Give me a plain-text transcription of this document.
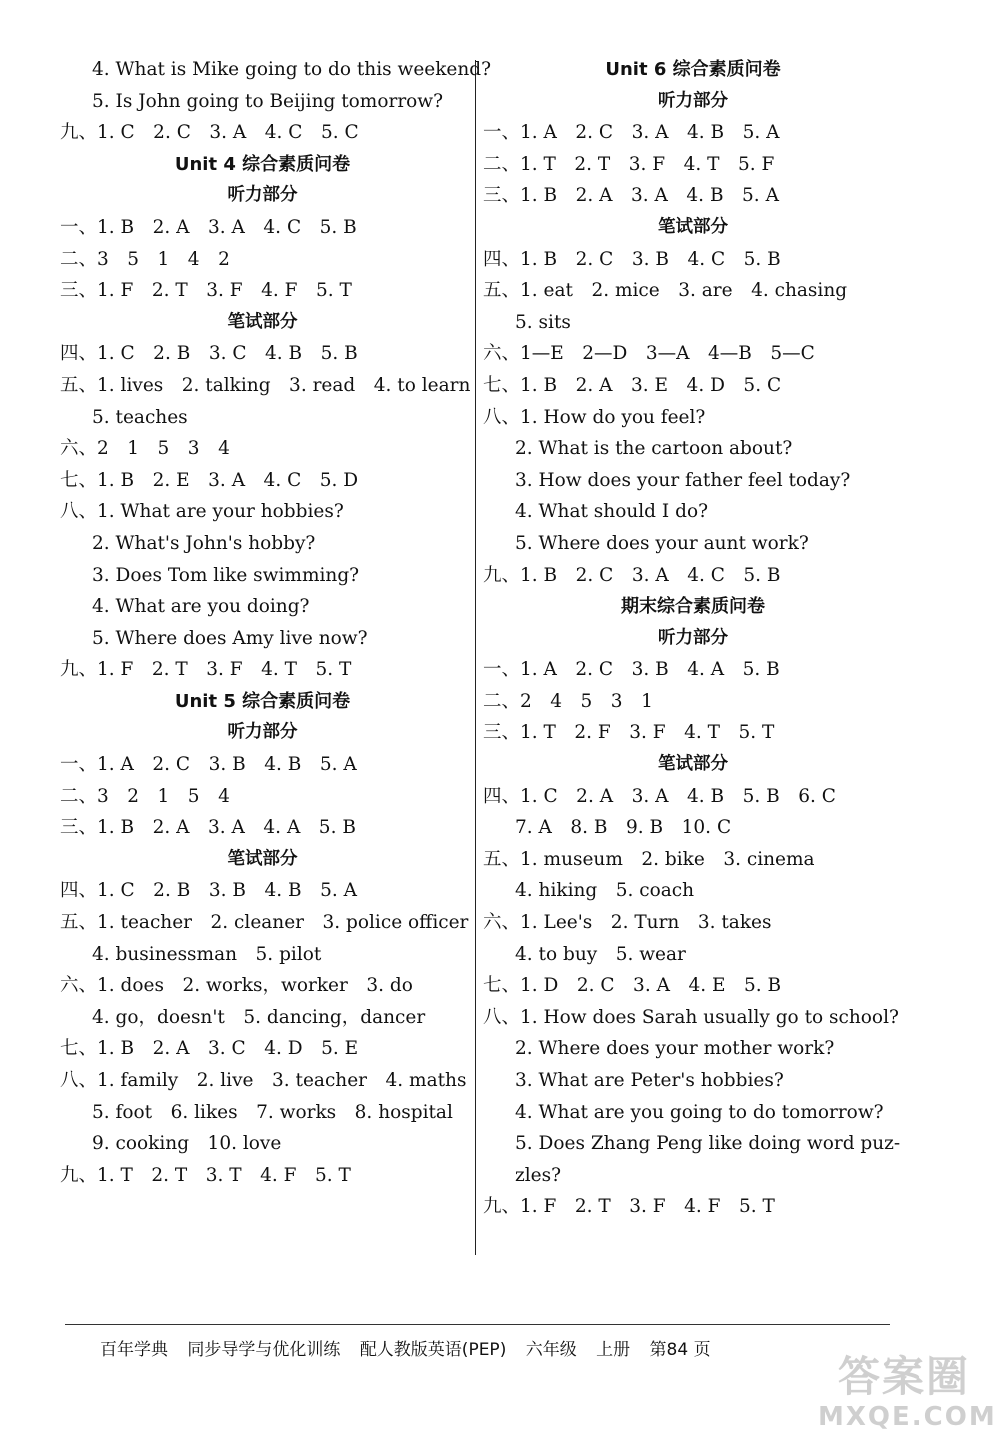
4. What is Mike going to do this weekend?
5. Is John going to Beijing tomorrow?
九、1. C　2. C　3. A　4. C　5. C
Unit 4 综合素质问卷
听力部分
一、1. B　2. A　3. A　4. C　5. B
二、3　5　1　4　2
三、1. F　2. T　3. F　4. F　5. T
笔试部分
四、1. C　2. B　3. C　4. B　5. B
五、1. lives　2. talking　3. read　4. to learn
5. teaches
六、2　1　5　3　4
七、1. B　2. E　3. A　4. C　5. D
八、1. What are your hobbies?
2. What's John's hobby?
3. Does Tom like swimming?
4. What are you doing?
5. Where does Amy live now?
九、1. F　2. T　3. F　4. T　5. T
Unit 5 综合素质问卷
听力部分
一、1. A　2. C　3. B　4. B　5. A
二、3　2　1　5　4
三、1. B　2. A　3. A　4. A　5. B
笔试部分
四、1. C　2. B　3. B　4. B　5. A
五、1. teacher　2. cleaner　3. police officer
4. businessman　5. pilot
六、1. does　2. works，worker　3. do
4. go，doesn't　5. dancing，dancer
七、1. B　2. A　3. C　4. D　5. E
八、1. family　2. live　3. teacher　4. maths
5. foot　6. likes　7. works　8. hospital
9. cooking　10. love
九、1. T　2. T　3. T　4. F　5. T
Unit 6 综合素质问卷
听力部分
一、1. A　2. C　3. A　4. B　5. A
二、1. T　2. T　3. F　4. T　5. F
三、1. B　2. A　3. A　4. B　5. A
笔试部分
四、1. B　2. C　3. B　4. C　5. B
五、1. eat　2. mice　3. are　4. chasing
5. sits
六、1—E　2—D　3—A　4—B　5—C
七、1. B　2. A　3. E　4. D　5. C
八、1. How do you feel?
2. What is the cartoon about?
3. How does your father feel today?
4. What should I do?
5. Where does your aunt work?
九、1. B　2. C　3. A　4. C　5. B
期末综合素质问卷
听力部分
一、1. A　2. C　3. B　4. A　5. B
二、2　4　5　3　1
三、1. T　2. F　3. F　4. T　5. T
笔试部分
四、1. C　2. A　3. A　4. B　5. B　6. C
7. A　8. B　9. B　10. C
五、1. museum　2. bike　3. cinema
4. hiking　5. coach
六、1. Lee's　2. Turn　3. takes
4. to buy　5. wear
七、1. D　2. C　3. A　4. E　5. B
八、1. How does Sarah usually go to school?
2. Where does your mother work?
3. What are Peter's hobbies?
4. What are you going to do tomorrow?
5. Does Zhang Peng like doing word puz-
zles?
九、1. F　2. T　3. F　4. F　5. T
百年学典 同步导学与优化训练 配人教版英语(PEP) 六年级 上册 第84 页
答案圈
MXQE.COM
